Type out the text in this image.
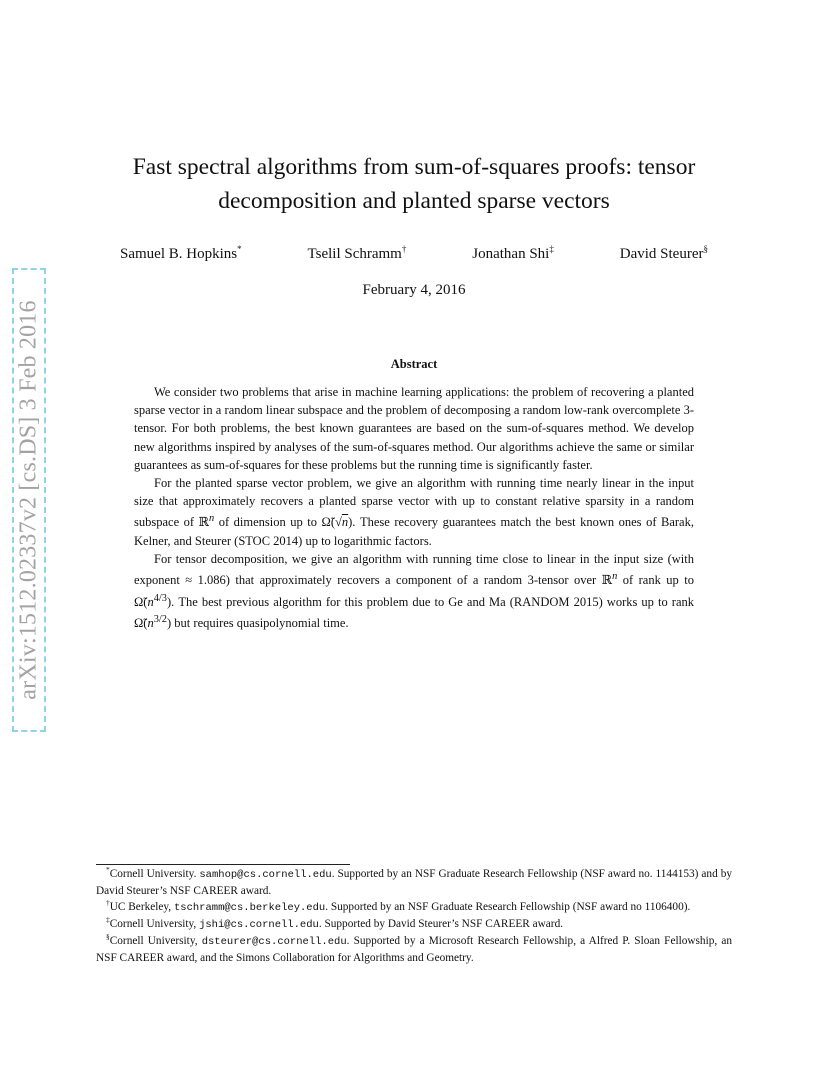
arXiv:1512.02337v2 [cs.DS] 3 Feb 2016
Fast spectral algorithms from sum-of-squares proofs: tensor
decomposition and planted sparse vectors
Samuel B. Hopkins*	Tselil Schramm†	Jonathan Shi‡	David Steurer§
February 4, 2016
Abstract

We consider two problems that arise in machine learning applications: the problem of recovering a planted sparse vector in a random linear subspace and the problem of decomposing a random low-rank overcomplete 3-tensor. For both problems, the best known guarantees are based on the sum-of-squares method. We develop new algorithms inspired by analyses of the sum-of-squares method. Our algorithms achieve the same or similar guarantees as sum-of-squares for these problems but the running time is significantly faster.

For the planted sparse vector problem, we give an algorithm with running time nearly linear in the input size that approximately recovers a planted sparse vector with up to constant relative sparsity in a random subspace of ℝ$^n$ of dimension up to Ω̃(√n). These recovery guarantees match the best known ones of Barak, Kelner, and Steurer (STOC 2014) up to logarithmic factors.

For tensor decomposition, we give an algorithm with running time close to linear in the input size (with exponent ≈ 1.086) that approximately recovers a component of a random 3-tensor over ℝ$^n$ of rank up to $\Omegã(n^{4/3})$. The best previous algorithm for this problem due to Ge and Ma (RANDOM 2015) works up to rank $\Omegã(n^{3/2})$ but requires quasipolynomial time.

*Cornell University. samhop@cs.cornell.edu. Supported by an NSF Graduate Research Fellowship (NSF award no. 1144153) and by David Steurer’s NSF CAREER award.

†UC Berkeley, tschramm@cs.berkeley.edu. Supported by an NSF Graduate Research Fellowship (NSF award no 1106400).

‡Cornell University, jshi@cs.cornell.edu. Supported by David Steurer’s NSF CAREER award.

§Cornell University, dsteurer@cs.cornell.edu. Supported by a Microsoft Research Fellowship, a Alfred P. Sloan Fellowship, an NSF CAREER award, and the Simons Collaboration for Algorithms and Geometry.
